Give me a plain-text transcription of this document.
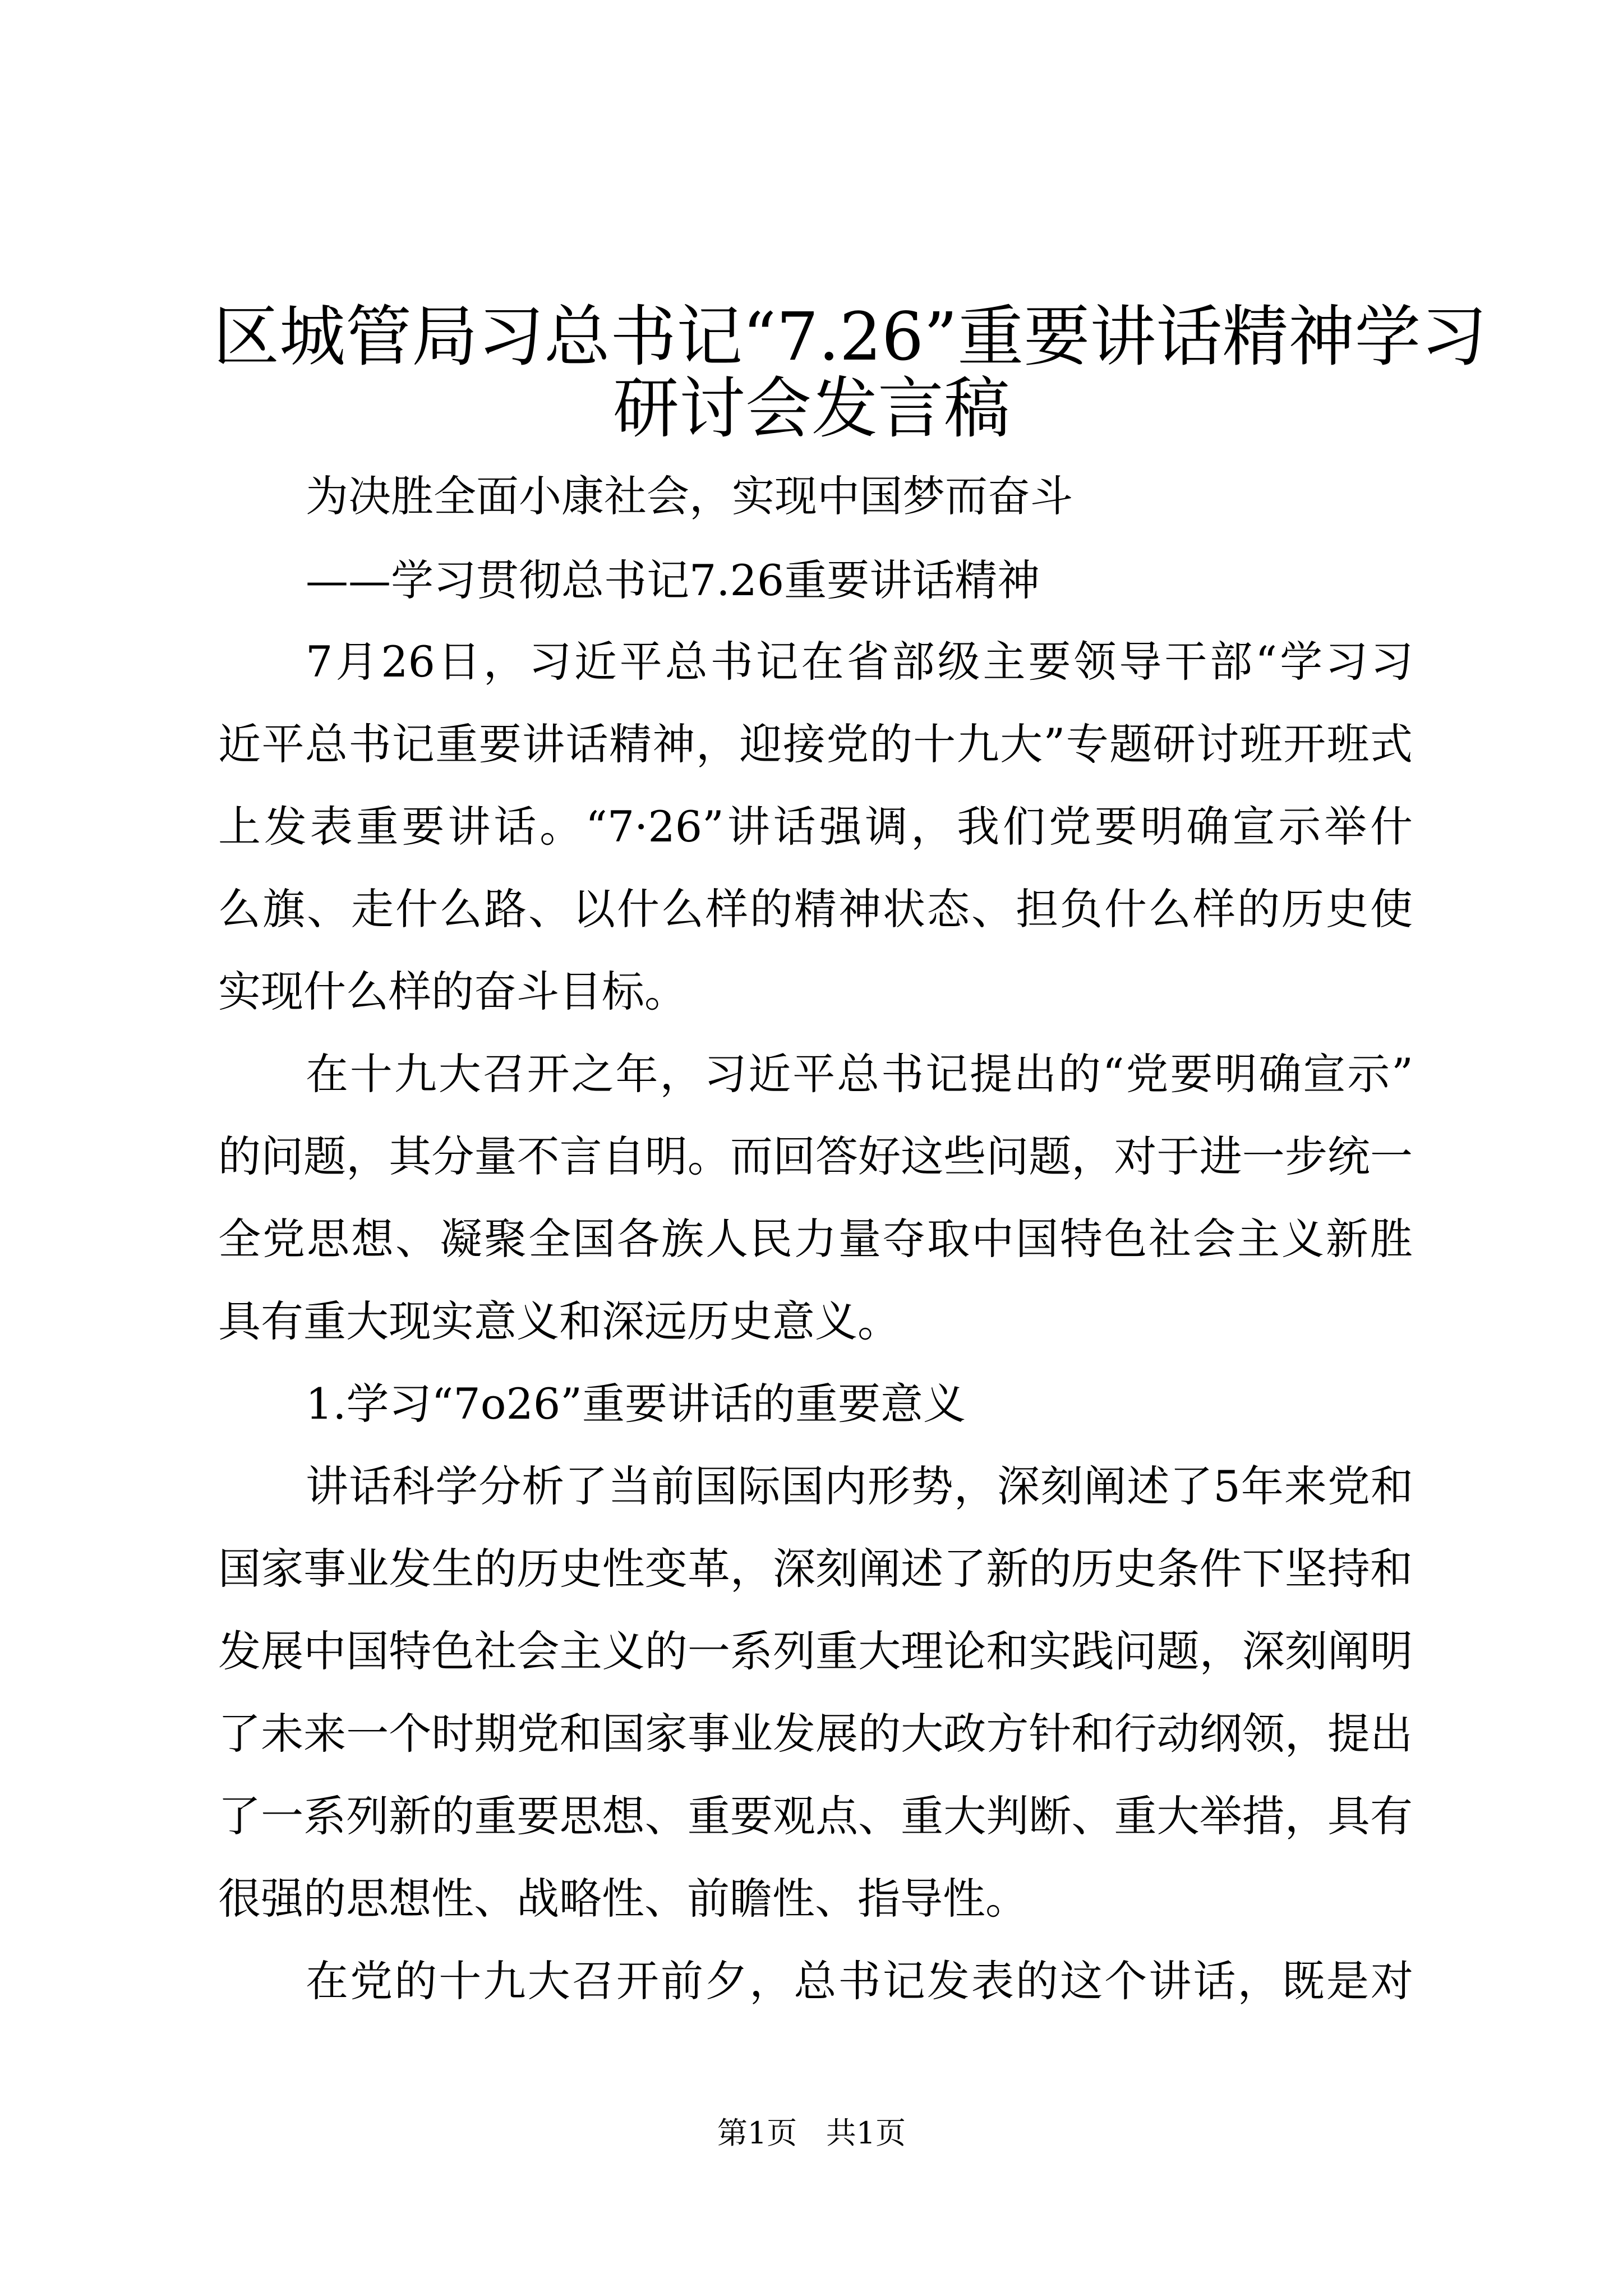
区城管局习总书记“7.26”重要讲话精神学习
研讨会发言稿

为决胜全面小康社会，实现中国梦而奋斗

——学习贯彻总书记7.26重要讲话精神

7月26日，习近平总书记在省部级主要领导干部“学习习

近平总书记重要讲话精神，迎接党的十九大”专题研讨班开班式

上发表重要讲话。“7·26”讲话强调，我们党要明确宣示举什

么旗、走什么路、以什么样的精神状态、担负什么样的历史使

实现什么样的奋斗目标。

在十九大召开之年，习近平总书记提出的“党要明确宣示”

的问题，其分量不言自明。而回答好这些问题，对于进一步统一

全党思想、凝聚全国各族人民力量夺取中国特色社会主义新胜

具有重大现实意义和深远历史意义。

1.学习“7o26”重要讲话的重要意义

讲话科学分析了当前国际国内形势，深刻阐述了5年来党和

国家事业发生的历史性变革，深刻阐述了新的历史条件下坚持和

发展中国特色社会主义的一系列重大理论和实践问题，深刻阐明

了未来一个时期党和国家事业发展的大政方针和行动纲领，提出

了一系列新的重要思想、重要观点、重大判断、重大举措，具有

很强的思想性、战略性、前瞻性、指导性。

在党的十九大召开前夕，总书记发表的这个讲话，既是对

第1页 共1页
